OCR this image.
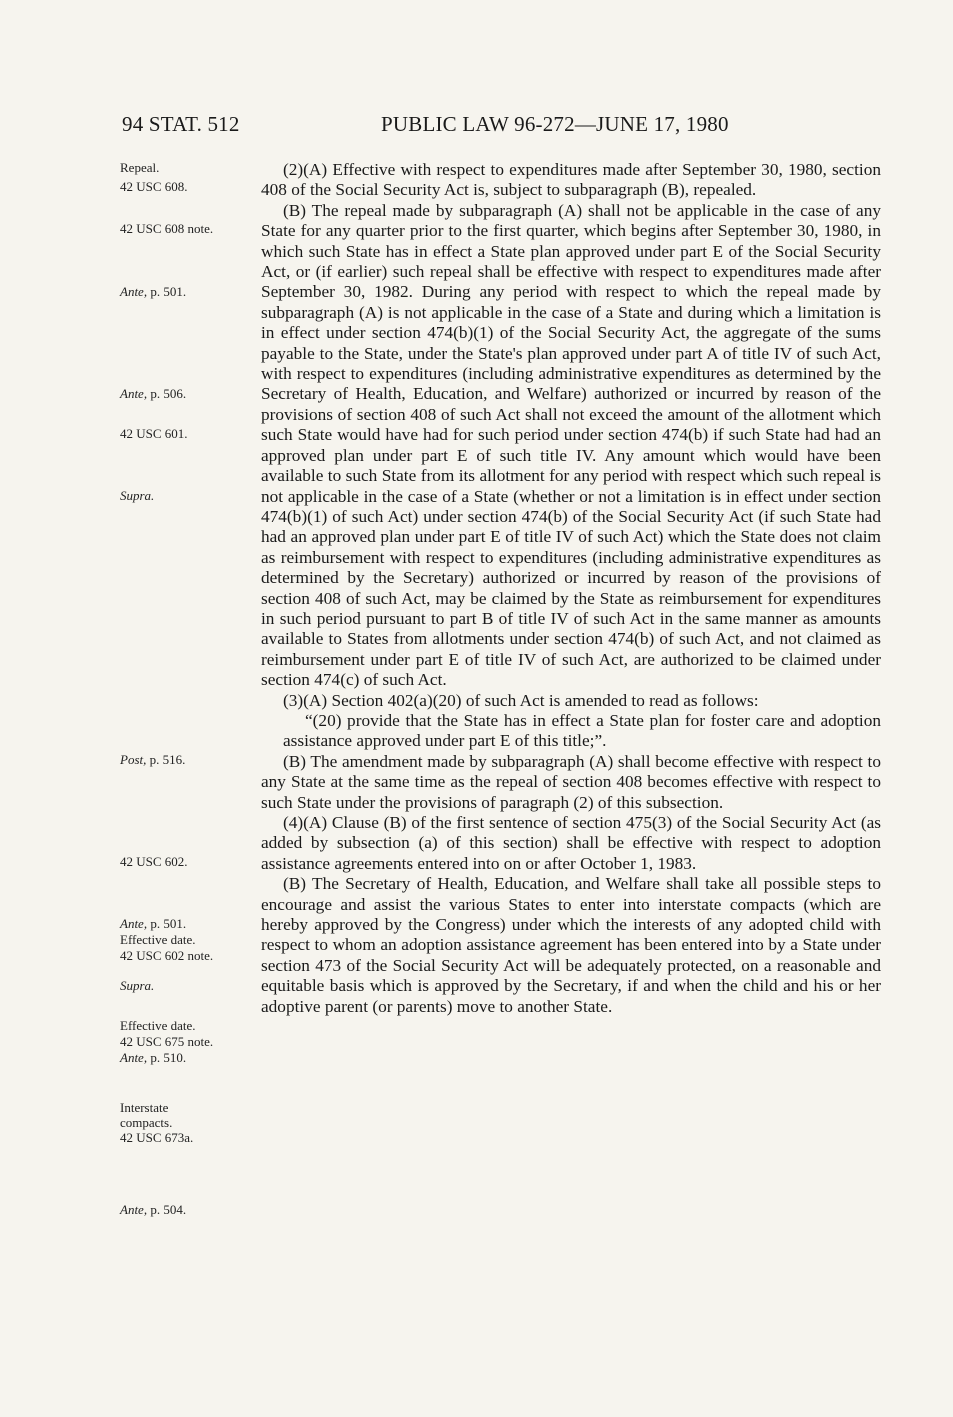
94 STAT. 512	PUBLIC LAW 96-272—JUNE 17, 1980
Repeal.
42 USC 608.
42 USC 608 note.
Ante, p. 501.
Ante, p. 506.
42 USC 601.
Supra.
Post, p. 516.
42 USC 602.
Ante, p. 501.
Effective date.
42 USC 602 note.
Supra.
Effective date.
42 USC 675 note.
Ante, p. 510.
Interstate
compacts.
42 USC 673a.
Ante, p. 504.

(2)(A) Effective with respect to expenditures made after September 30, 1980, section 408 of the Social Security Act is, subject to subparagraph (B), repealed.

(B) The repeal made by subparagraph (A) shall not be applicable in the case of any State for any quarter prior to the first quarter, which begins after September 30, 1980, in which such State has in effect a State plan approved under part E of the Social Security Act, or (if earlier) such repeal shall be effective with respect to expenditures made after September 30, 1982. During any period with respect to which the repeal made by subparagraph (A) is not applicable in the case of a State and during which a limitation is in effect under section 474(b)(1) of the Social Security Act, the aggregate of the sums payable to the State, under the State's plan approved under part A of title IV of such Act, with respect to expenditures (including administrative expenditures as determined by the Secretary of Health, Education, and Welfare) authorized or incurred by reason of the provisions of section 408 of such Act shall not exceed the amount of the allotment which such State would have had for such period under section 474(b) if such State had had an approved plan under part E of such title IV. Any amount which would have been available to such State from its allotment for any period with respect which such repeal is not applicable in the case of a State (whether or not a limitation is in effect under section 474(b)(1) of such Act) under section 474(b) of the Social Security Act (if such State had had an approved plan under part E of title IV of such Act) which the State does not claim as reimbursement with respect to expenditures (including administrative expenditures as determined by the Secretary) authorized or incurred by reason of the provisions of section 408 of such Act, may be claimed by the State as reimbursement for expenditures in such period pursuant to part B of title IV of such Act in the same manner as amounts available to States from allotments under section 474(b) of such Act, and not claimed as reimbursement under part E of title IV of such Act, are authorized to be claimed under section 474(c) of such Act.

(3)(A) Section 402(a)(20) of such Act is amended to read as follows:

“(20) provide that the State has in effect a State plan for foster care and adoption assistance approved under part E of this title;”.

(B) The amendment made by subparagraph (A) shall become effective with respect to any State at the same time as the repeal of section 408 becomes effective with respect to such State under the provisions of paragraph (2) of this subsection.

(4)(A) Clause (B) of the first sentence of section 475(3) of the Social Security Act (as added by subsection (a) of this section) shall be effective with respect to adoption assistance agreements entered into on or after October 1, 1983.

(B) The Secretary of Health, Education, and Welfare shall take all possible steps to encourage and assist the various States to enter into interstate compacts (which are hereby approved by the Congress) under which the interests of any adopted child with respect to whom an adoption assistance agreement has been entered into by a State under section 473 of the Social Security Act will be adequately protected, on a reasonable and equitable basis which is approved by the Secretary, if and when the child and his or her adoptive parent (or parents) move to another State.
